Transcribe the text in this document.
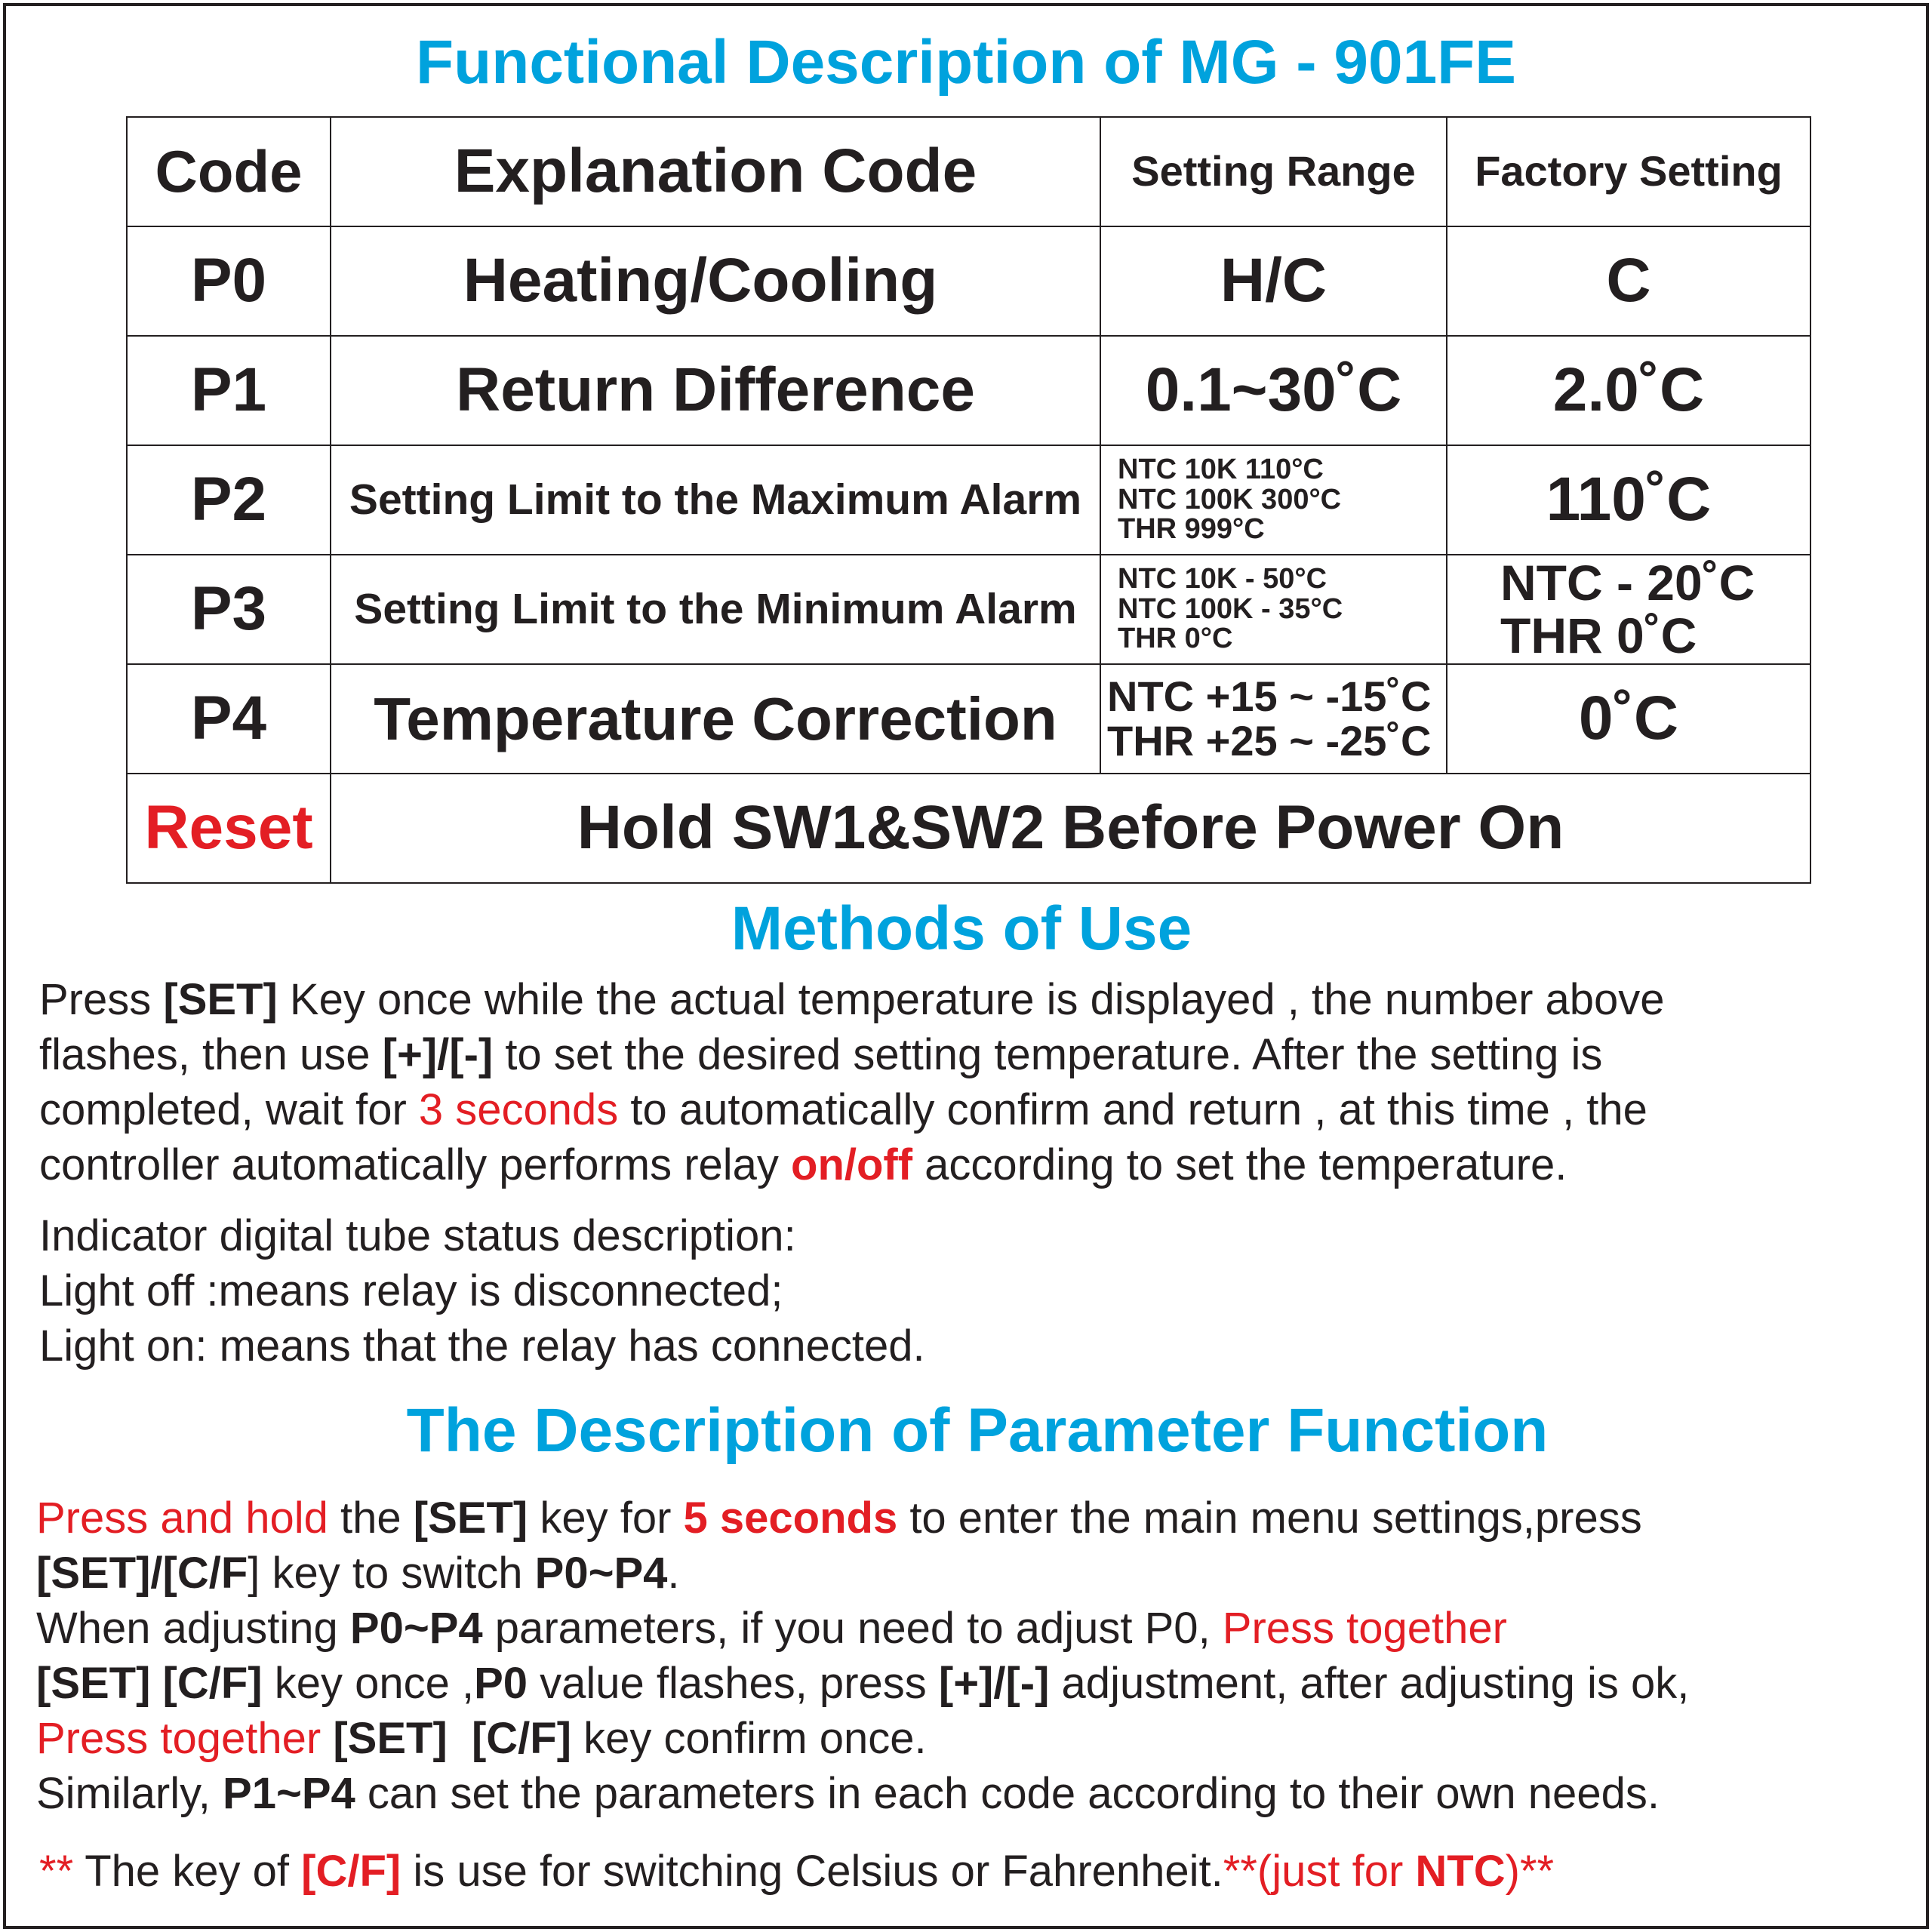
Functional Description of MG - 901FE
Code	Explanation Code	Setting Range	Factory Setting
P0	Heating/Cooling	H/C	C
P1	Return Difference	0.1~30˚C	2.0˚C
P2	Setting Limit to the Maximum Alarm	NTC 10K 110°C
NTC 100K 300°C
THR 999°C	110˚C
P3	Setting Limit to the Minimum Alarm	NTC 10K - 50°C
NTC 100K - 35°C
THR 0°C	NTC - 20˚C
THR 0˚C

P4	Temperature Correction	NTC +15 ~ -15˚C
THR +25 ~ -25˚C	0˚C
Reset	Hold SW1&SW2 Before Power On		
Methods of Use
Press [SET] Key once while the actual temperature is displayed , the number above
flashes, then use [+]/[-] to set the desired setting temperature. After the setting is
completed, wait for 3 seconds to automatically confirm and return , at this time , the
controller automatically performs relay on/off according to set the temperature.
Indicator digital tube status description:
Light off :means relay is disconnected;
Light on: means that the relay has connected.
The Description of Parameter Function
Press and hold the [SET] key for 5 seconds to enter the main menu settings,press
[SET]/[C/F] key to switch P0~P4.
When adjusting P0~P4 parameters, if you need to adjust P0, Press together
[SET] [C/F] key once ,P0 value flashes, press [+]/[-] adjustment, after adjusting is ok,
Press together [SET]  [C/F] key confirm once.
Similarly, P1~P4 can set the parameters in each code according to their own needs.
** The key of [C/F] is use for switching Celsius or Fahrenheit.**(just for NTC)**
